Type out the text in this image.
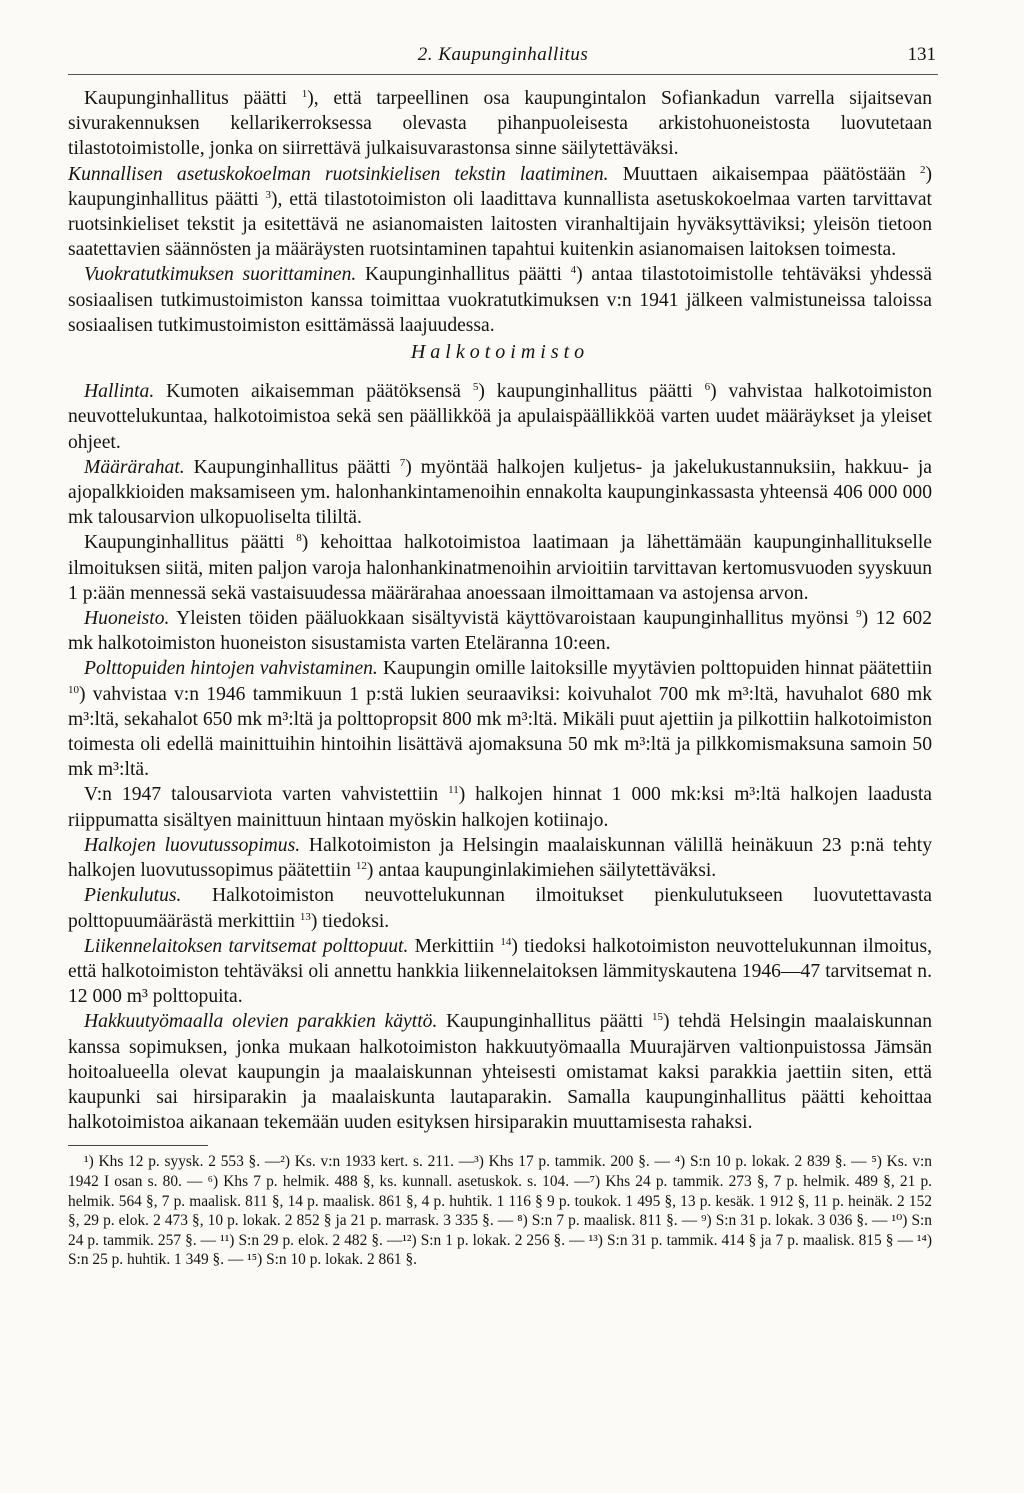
2. Kaupunginhallitus	131

Kaupunginhallitus päätti $^1$), että tarpeellinen osa kaupungintalon Sofiankadun varrella sijaitsevan sivurakennuksen kellarikerroksessa olevasta pihanpuoleisesta arkistohuoneistosta luovutetaan tilastotoimistolle, jonka on siirrettävä julkaisuvarastonsa sinne säilytettäväksi.

Kunnallisen asetuskokoelman ruotsinkielisen tekstin laatiminen. Muuttaen aikaisempaa päätöstään $^2$) kaupunginhallitus päätti $^3$), että tilastotoimiston oli laadittava kunnallista asetuskokoelmaa varten tarvittavat ruotsinkieliset tekstit ja esitettävä ne asianomaisten laitosten viranhaltijain hyväksyttäviksi; yleisön tietoon saatettavien säännösten ja määräysten ruotsintaminen tapahtui kuitenkin asianomaisen laitoksen toimesta.

Vuokratutkimuksen suorittaminen. Kaupunginhallitus päätti $^4$) antaa tilastotoimistolle tehtäväksi yhdessä sosiaalisen tutkimustoimiston kanssa toimittaa vuokratutkimuksen v:n 1941 jälkeen valmistuneissa taloissa sosiaalisen tutkimustoimiston esittämässä laajuudessa.

Halkotoimisto

Hallinta. Kumoten aikaisemman päätöksensä $^5$) kaupunginhallitus päätti $^6$) vahvistaa halkotoimiston neuvottelukuntaa, halkotoimistoa sekä sen päällikköä ja apulaispäällikköä varten uudet määräykset ja yleiset ohjeet.

Määrärahat. Kaupunginhallitus päätti $^7$) myöntää halkojen kuljetus- ja jakelukustannuksiin, hakkuu- ja ajopalkkioiden maksamiseen ym. halonhankintamenoihin ennakolta kaupunginkassasta yhteensä 406 000 000 mk talousarvion ulkopuoliselta tililtä.

Kaupunginhallitus päätti $^8$) kehoittaa halkotoimistoa laatimaan ja lähettämään kaupunginhallitukselle ilmoituksen siitä, miten paljon varoja halonhankinatmenoihin arvioitiin tarvittavan kertomusvuoden syyskuun 1 p:ään mennessä sekä vastaisuudessa määrärahaa anoessaan ilmoittamaan va astojensa arvon.

Huoneisto. Yleisten töiden pääluokkaan sisältyvistä käyttövaroistaan kaupunginhallitus myönsi $^9$) 12 602 mk halkotoimiston huoneiston sisustamista varten Eteläranna 10:een.

Polttopuiden hintojen vahvistaminen. Kaupungin omille laitoksille myytävien polttopuiden hinnat päätettiin $^{10}$) vahvistaa v:n 1946 tammikuun 1 p:stä lukien seuraaviksi: koivuhalot 700 mk m³:ltä, havuhalot 680 mk m³:ltä, sekahalot 650 mk m³:ltä ja polttopropsit 800 mk m³:ltä. Mikäli puut ajettiin ja pilkottiin halkotoimiston toimesta oli edellä mainittuihin hintoihin lisättävä ajomaksuna 50 mk m³:ltä ja pilkkomismaksuna samoin 50 mk m³:ltä.

V:n 1947 talousarviota varten vahvistettiin $^{11}$) halkojen hinnat 1 000 mk:ksi m³:ltä halkojen laadusta riippumatta sisältyen mainittuun hintaan myöskin halkojen kotiinajo.

Halkojen luovutussopimus. Halkotoimiston ja Helsingin maalaiskunnan välillä heinäkuun 23 p:nä tehty halkojen luovutussopimus päätettiin $^{12}$) antaa kaupunginlakimiehen säilytettäväksi.

Pienkulutus. Halkotoimiston neuvottelukunnan ilmoitukset pienkulutukseen luovutettavasta polttopuumäärästä merkittiin $^{13}$) tiedoksi.

Liikennelaitoksen tarvitsemat polttopuut. Merkittiin $^{14}$) tiedoksi halkotoimiston neuvottelukunnan ilmoitus, että halkotoimiston tehtäväksi oli annettu hankkia liikennelaitoksen lämmityskautena 1946—47 tarvitsemat n. 12 000 m³ polttopuita.

Hakkuutyömaalla olevien parakkien käyttö. Kaupunginhallitus päätti $^{15}$) tehdä Helsingin maalaiskunnan kanssa sopimuksen, jonka mukaan halkotoimiston hakkuutyömaalla Muurajärven valtionpuistossa Jämsän hoitoalueella olevat kaupungin ja maalaiskunnan yhteisesti omistamat kaksi parakkia jaettiin siten, että kaupunki sai hirsiparakin ja maalaiskunta lautaparakin. Samalla kaupunginhallitus päätti kehoittaa halkotoimistoa aikanaan tekemään uuden esityksen hirsiparakin muuttamisesta rahaksi.

¹) Khs 12 p. syysk. 2 553 §. —²) Ks. v:n 1933 kert. s. 211. —³) Khs 17 p. tammik. 200 §. — ⁴) S:n 10 p. lokak. 2 839 §. — ⁵) Ks. v:n 1942 I osan s. 80. — ⁶) Khs 7 p. helmik. 488 §, ks. kunnall. asetuskok. s. 104. —⁷) Khs 24 p. tammik. 273 §, 7 p. helmik. 489 §, 21 p. helmik. 564 §, 7 p. maalisk. 811 §, 14 p. maalisk. 861 §, 4 p. huhtik. 1 116 § 9 p. toukok. 1 495 §, 13 p. kesäk. 1 912 §, 11 p. heinäk. 2 152 §, 29 p. elok. 2 473 §, 10 p. lokak. 2 852 § ja 21 p. marrask. 3 335 §. — ⁸) S:n 7 p. maalisk. 811 §. — ⁹) S:n 31 p. lokak. 3 036 §. — ¹⁰) S:n 24 p. tammik. 257 §. — ¹¹) S:n 29 p. elok. 2 482 §. —¹²) S:n 1 p. lokak. 2 256 §. — ¹³) S:n 31 p. tammik. 414 § ja 7 p. maalisk. 815 § — ¹⁴) S:n 25 p. huhtik. 1 349 §. — ¹⁵) S:n 10 p. lokak. 2 861 §.
